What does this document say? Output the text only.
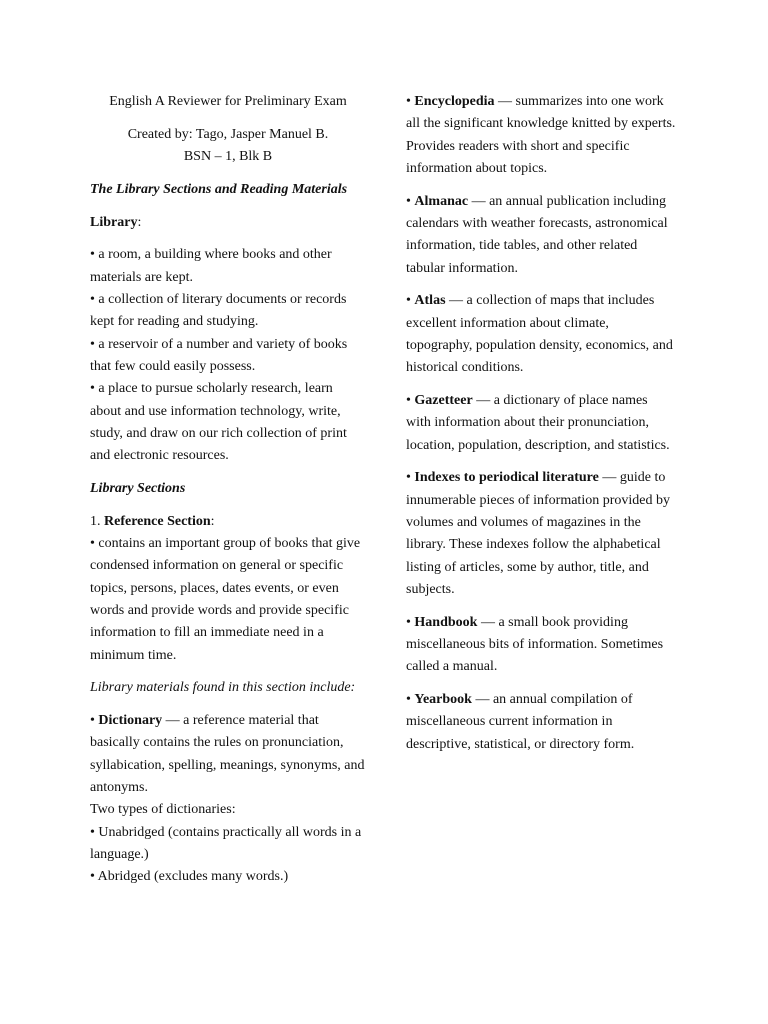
English A Reviewer for Preliminary Exam

Created by: Tago, Jasper Manuel B.

BSN – 1, Blk B

The Library Sections and Reading Materials

Library:

• a room, a building where books and other materials are kept.

• a collection of literary documents or records kept for reading and studying.

• a reservoir of a number and variety of books that few could easily possess.

• a place to pursue scholarly research, learn about and use information technology, write, study, and draw on our rich collection of print and electronic resources.

Library Sections

1. Reference Section:

• contains an important group of books that give condensed information on general or specific topics, persons, places, dates events, or even words and provide words and provide specific information to fill an immediate need in a minimum time.

Library materials found in this section include:

• Dictionary — a reference material that basically contains the rules on pronunciation, syllabication, spelling, meanings, synonyms, and antonyms.

Two types of dictionaries:

• Unabridged (contains practically all words in a language.)

• Abridged (excludes many words.)

• Encyclopedia — summarizes into one work all the significant knowledge knitted by experts. Provides readers with short and specific information about topics.

• Almanac — an annual publication including calendars with weather forecasts, astronomical information, tide tables, and other related tabular information.

• Atlas — a collection of maps that includes excellent information about climate, topography, population density, economics, and historical conditions.

• Gazetteer — a dictionary of place names with information about their pronunciation, location, population, description, and statistics.

• Indexes to periodical literature — guide to innumerable pieces of information provided by volumes and volumes of magazines in the library. These indexes follow the alphabetical listing of articles, some by author, title, and subjects.

• Handbook — a small book providing miscellaneous bits of information. Sometimes called a manual.

• Yearbook — an annual compilation of miscellaneous current information in descriptive, statistical, or directory form.
